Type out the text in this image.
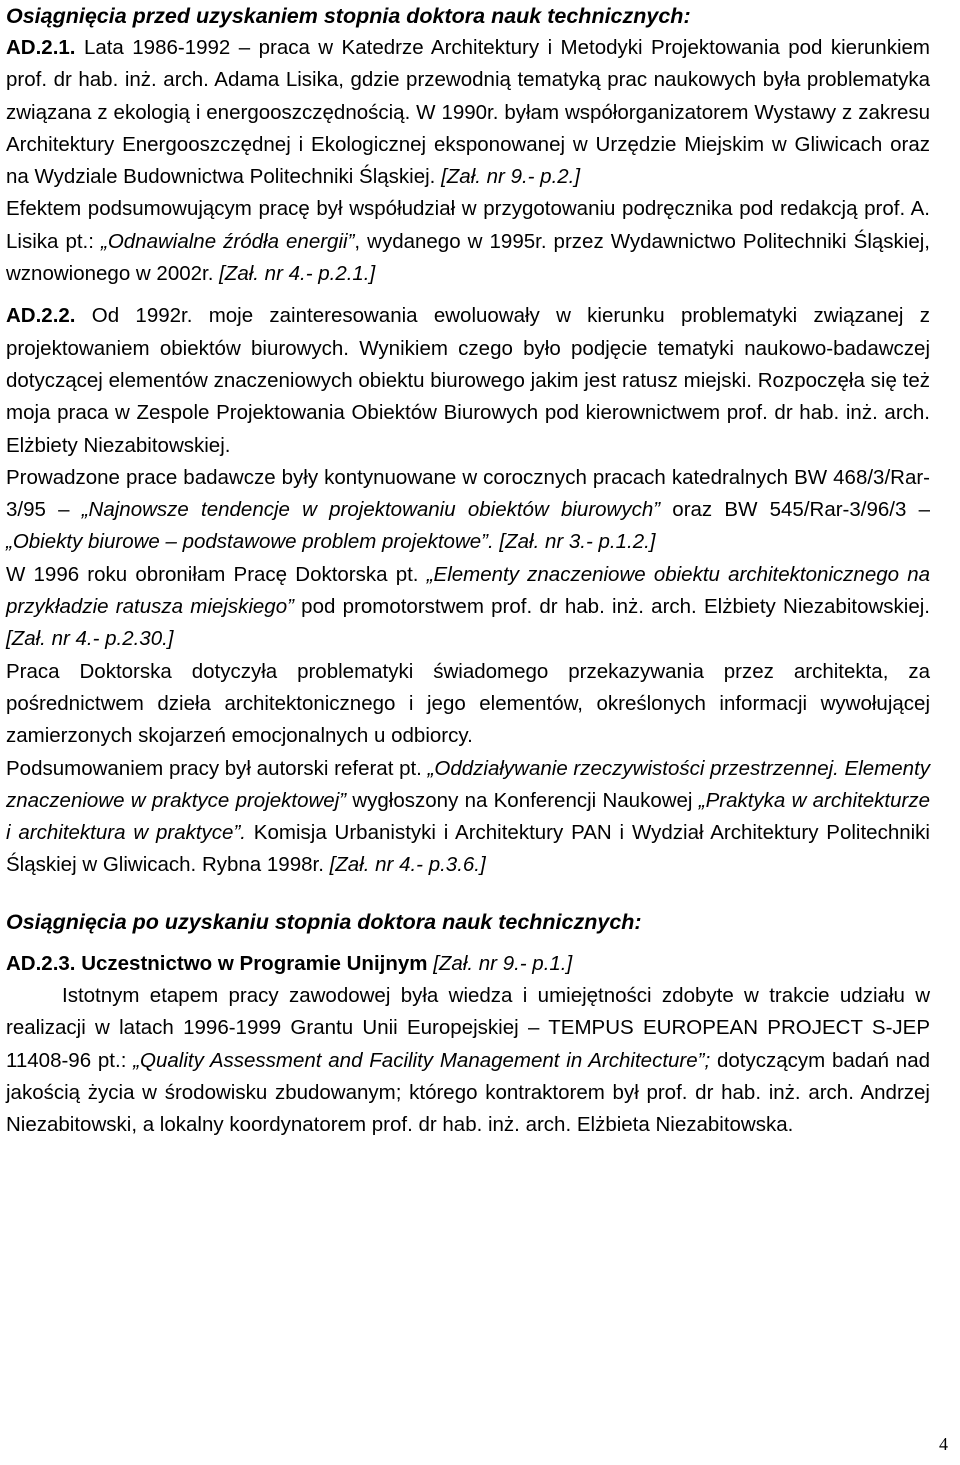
Osiągnięcia przed uzyskaniem stopnia doktora nauk technicznych:

AD.2.1. Lata 1986-1992 – praca w Katedrze Architektury i Metodyki Projektowania pod kierunkiem prof. dr hab. inż. arch. Adama Lisika, gdzie przewodnią tematyką prac naukowych była problematyka związana z ekologią i energooszczędnością. W 1990r. byłam współorganizatorem Wystawy z zakresu Architektury Energooszczędnej i Ekologicznej eksponowanej w Urzędzie Miejskim w Gliwicach oraz na Wydziale Budownictwa Politechniki Śląskiej. [Zał. nr 9.- p.2.]

Efektem podsumowującym pracę był współudział w przygotowaniu podręcznika pod redakcją prof. A. Lisika pt.: „Odnawialne źródła energii”, wydanego w 1995r. przez Wydawnictwo Politechniki Śląskiej, wznowionego w 2002r. [Zał. nr 4.- p.2.1.]

AD.2.2. Od 1992r. moje zainteresowania ewoluowały w kierunku problematyki związanej z projektowaniem obiektów biurowych. Wynikiem czego było podjęcie tematyki naukowo-badawczej dotyczącej elementów znaczeniowych obiektu biurowego jakim jest ratusz miejski. Rozpoczęła się też moja praca w Zespole Projektowania Obiektów Biurowych pod kierownictwem prof. dr hab. inż. arch. Elżbiety Niezabitowskiej.

Prowadzone prace badawcze były kontynuowane w corocznych pracach katedralnych BW 468/3/Rar-3/95 – „Najnowsze tendencje w projektowaniu obiektów biurowych” oraz BW 545/Rar-3/96/3 – „Obiekty biurowe – podstawowe problem projektowe”. [Zał. nr 3.- p.1.2.]

W 1996 roku obroniłam Pracę Doktorska pt. „Elementy znaczeniowe obiektu architektonicznego na przykładzie ratusza miejskiego” pod promotorstwem prof. dr hab. inż. arch. Elżbiety Niezabitowskiej. [Zał. nr 4.- p.2.30.]

Praca Doktorska dotyczyła problematyki świadomego przekazywania przez architekta, za pośrednictwem dzieła architektonicznego i jego elementów, określonych informacji wywołującej zamierzonych skojarzeń emocjonalnych u odbiorcy.

Podsumowaniem pracy był autorski referat pt. „Oddziaływanie rzeczywistości przestrzennej. Elementy znaczeniowe w praktyce projektowej” wygłoszony na Konferencji Naukowej „Praktyka w architekturze i architektura w praktyce”. Komisja Urbanistyki i Architektury PAN i Wydział Architektury Politechniki Śląskiej w Gliwicach. Rybna 1998r. [Zał. nr 4.- p.3.6.]

Osiągnięcia po uzyskaniu stopnia doktora nauk technicznych:

AD.2.3. Uczestnictwo w Programie Unijnym [Zał. nr 9.- p.1.]

Istotnym etapem pracy zawodowej była wiedza i umiejętności zdobyte w trakcie udziału w realizacji w latach 1996-1999 Grantu Unii Europejskiej – TEMPUS EUROPEAN PROJECT S-JEP 11408-96 pt.: „Quality Assessment and Facility Management in Architecture”; dotyczącym badań nad jakością życia w środowisku zbudowanym; którego kontraktorem był prof. dr hab. inż. arch. Andrzej Niezabitowski, a lokalny koordynatorem prof. dr hab. inż. arch. Elżbieta Niezabitowska.

4
